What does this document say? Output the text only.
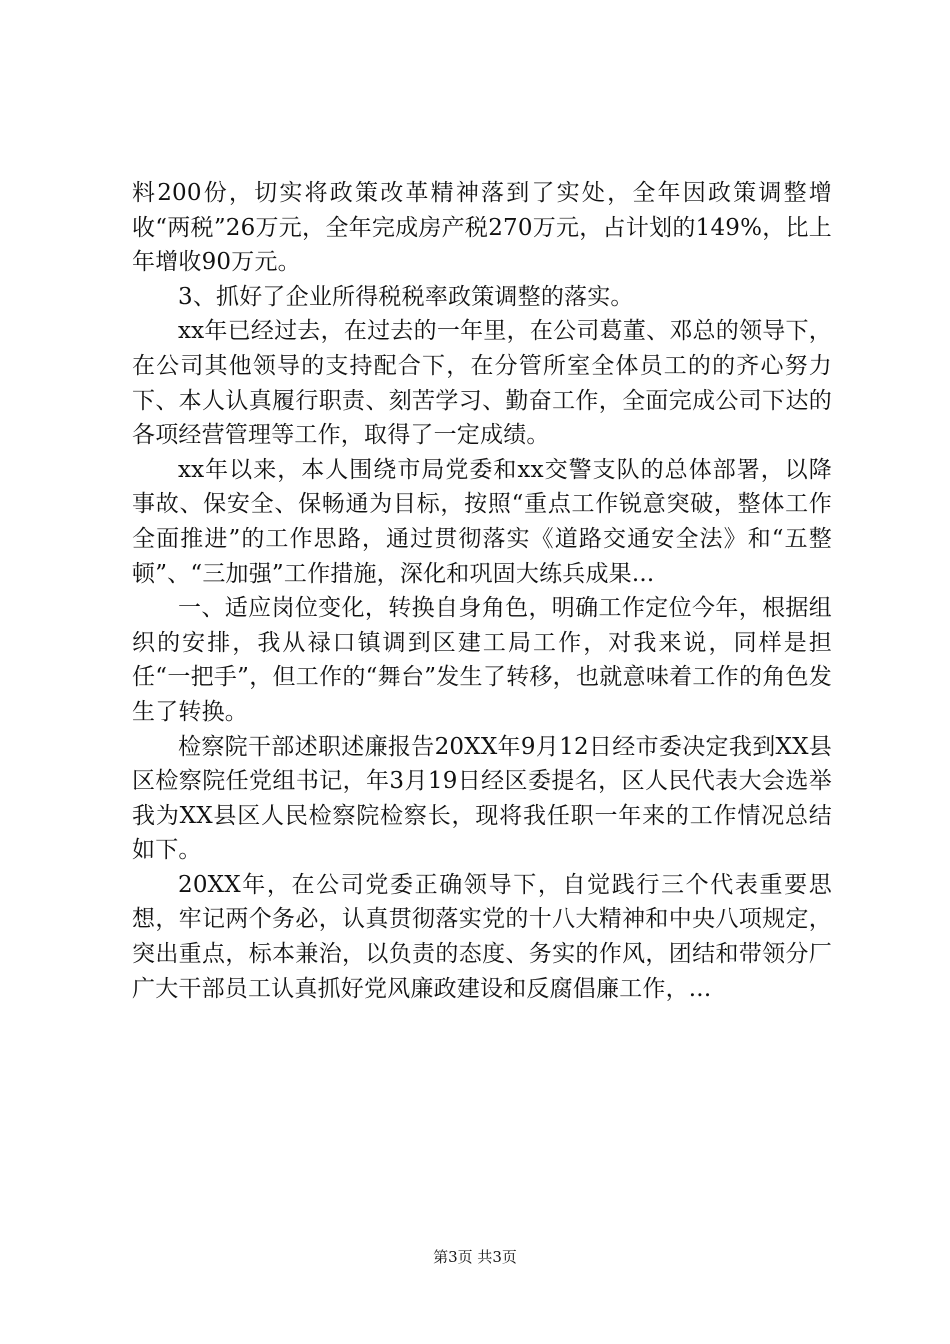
料200份，切实将政策改革精神落到了实处，全年因政策调整增收“两税”26万元，全年完成房产税270万元，占计划的149%，比上年增收90万元。

3、抓好了企业所得税税率政策调整的落实。

xx年已经过去，在过去的一年里，在公司葛董、邓总的领导下，在公司其他领导的支持配合下，在分管所室全体员工的的齐心努力下、本人认真履行职责、刻苦学习、勤奋工作，全面完成公司下达的各项经营管理等工作，取得了一定成绩。

xx年以来，本人围绕市局党委和xx交警支队的总体部署，以降事故、保安全、保畅通为目标，按照“重点工作锐意突破，整体工作全面推进”的工作思路，通过贯彻落实《道路交通安全法》和“五整顿”、“三加强”工作措施，深化和巩固大练兵成果...

一、适应岗位变化，转换自身角色，明确工作定位今年，根据组织的安排，我从禄口镇调到区建工局工作，对我来说，同样是担任“一把手”，但工作的“舞台”发生了转移，也就意味着工作的角色发生了转换。

检察院干部述职述廉报告20XX年9月12日经市委决定我到XX县区检察院任党组书记，年3月19日经区委提名，区人民代表大会选举我为XX县区人民检察院检察长，现将我任职一年来的工作情况总结如下。

20XX年，在公司党委正确领导下，自觉践行三个代表重要思想，牢记两个务必，认真贯彻落实党的十八大精神和中央八项规定，突出重点，标本兼治，以负责的态度、务实的作风，团结和带领分厂广大干部员工认真抓好党风廉政建设和反腐倡廉工作，...

第3页 共3页
